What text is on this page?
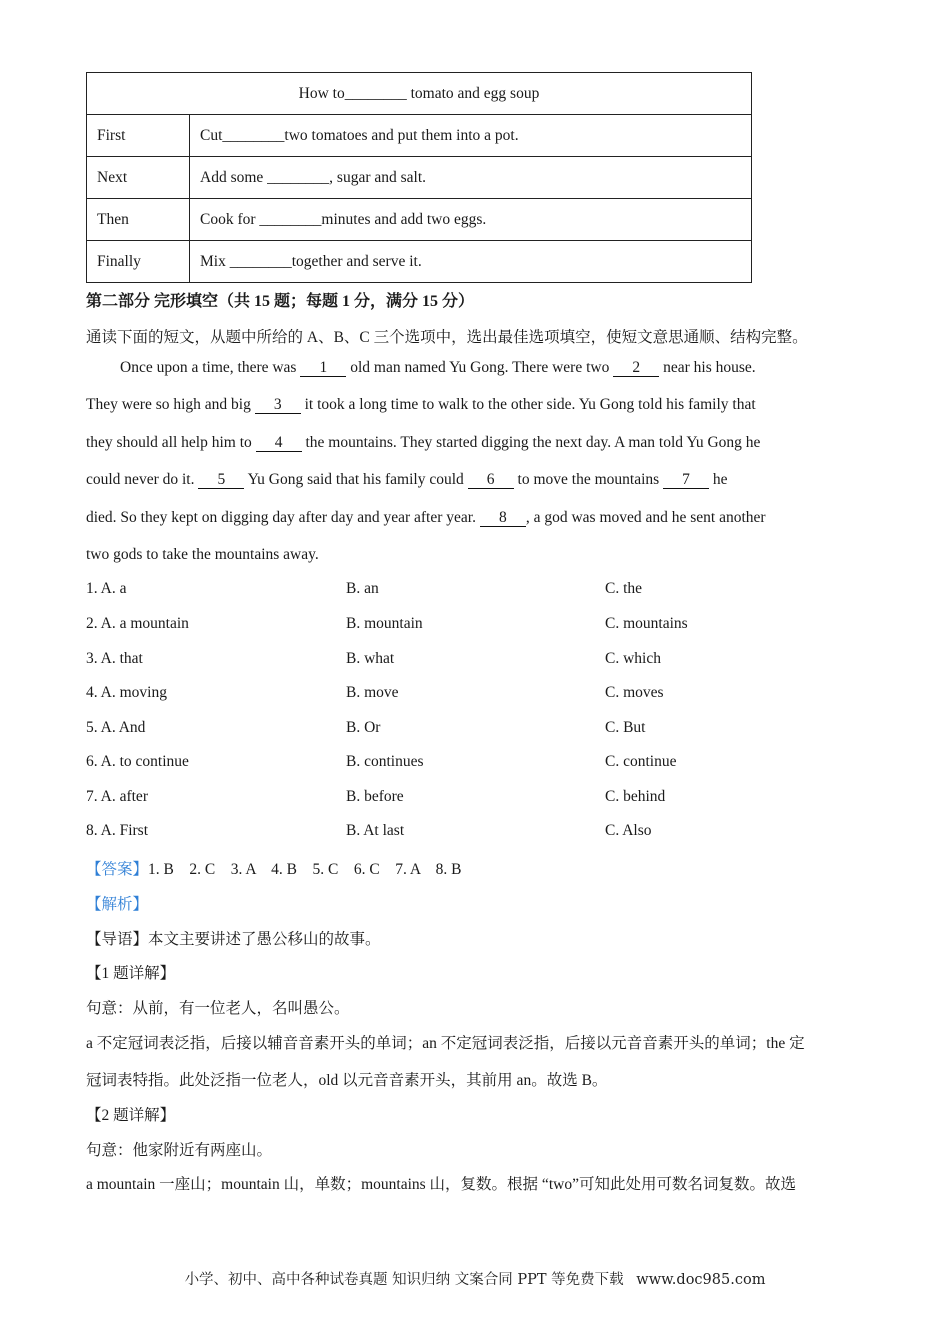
How to________ tomato and egg soup	
First	Cut________two tomatoes and put them into a pot.
Next	Add some ________, sugar and salt.
Then	Cook for ________minutes and add two eggs.
Finally	Mix ________together and serve it.
第二部分 完形填空（共 15 题；每题 1 分，满分 15 分）
通读下面的短文，从题中所给的 A、B、C 三个选项中，选出最佳选项填空，使短文意思通顺、结构完整。
Once upon a time, there was 1 old man named Yu Gong. There were two 2 near his house.
They were so high and big 3 it took a long time to walk to the other side. Yu Gong told his family that
they should all help him to 4 the mountains. They started digging the next day. A man told Yu Gong he
could never do it. 5 Yu Gong said that his family could 6 to move the mountains 7 he
died. So they kept on digging day after day and year after year. 8 , a god was moved and he sent another
two gods to take the mountains away.
1. A. a	B. an	C. the
2. A. a mountain	B. mountain	C. mountains
3. A. that	B. what	C. which
4. A. moving	B. move	C. moves
5. A. And	B. Or	C. But
6. A. to continue	B. continues	C. continue
7. A. after	B. before	C. behind
8. A. First	B. At last	C. Also
【答案】1. B　2. C　3. A　4. B　5. C　6. C　7. A　8. B
【解析】
【导语】本文主要讲述了愚公移山的故事。
【1 题详解】
句意：从前，有一位老人，名叫愚公。
a 不定冠词表泛指，后接以辅音音素开头的单词；an 不定冠词表泛指，后接以元音音素开头的单词；the 定
冠词表特指。此处泛指一位老人，old 以元音音素开头，其前用 an。故选 B。
【2 题详解】
句意：他家附近有两座山。
a mountain 一座山；mountain 山，单数；mountains 山，复数。根据 “two”可知此处用可数名词复数。故选
小学、初中、高中各种试卷真题 知识归纳 文案合同 PPT 等免费下载 www.doc985.com
